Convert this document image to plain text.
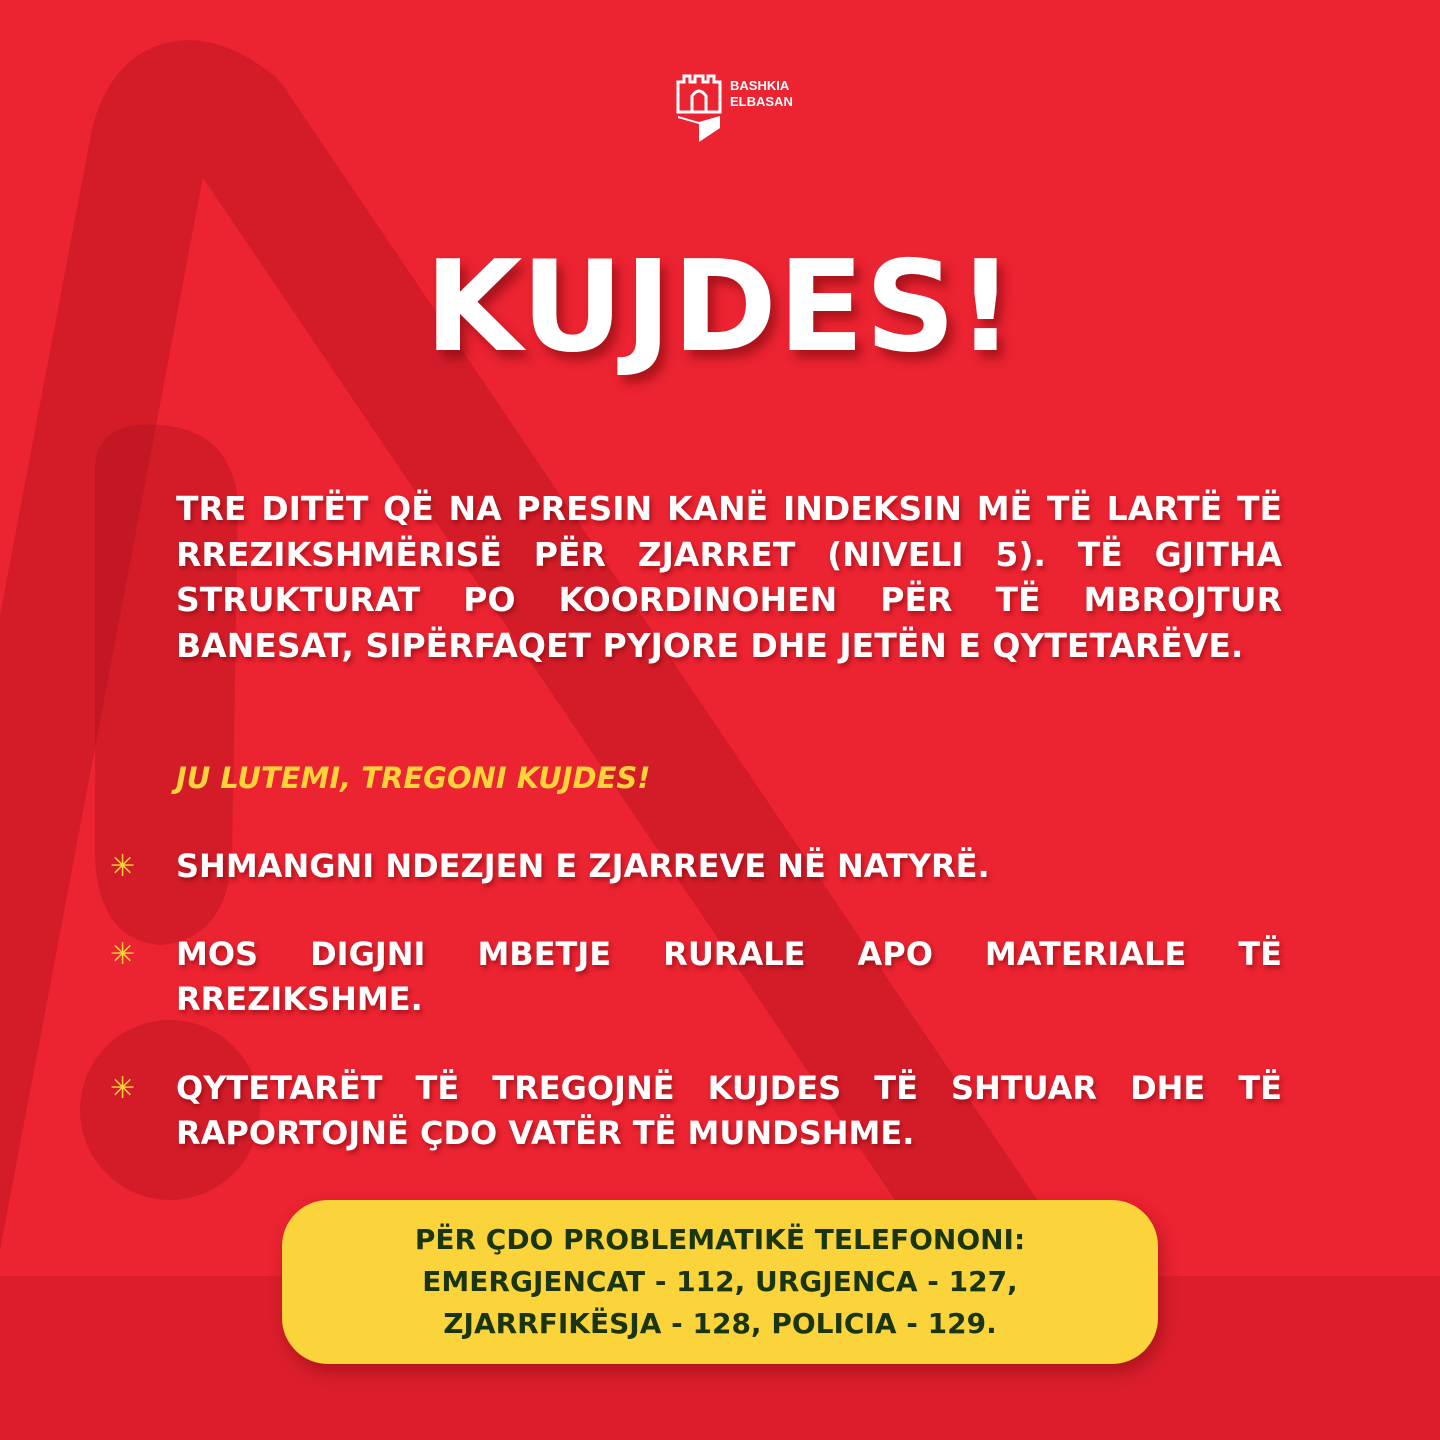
BASHKIA
ELBASAN
KUJDES!
TRE DITËT QË NA PRESIN KANË INDEKSIN MË TË LARTË TË RREZIKSHMËRISË PËR ZJARRET (NIVELI 5). TË GJITHA STRUKTURAT PO KOORDINOHEN PËR TË MBROJTUR BANESAT, SIPËRFAQET PYJORE DHE JETËN E QYTETARËVE.
JU LUTEMI, TREGONI KUJDES!
✳	SHMANGNI NDEZJEN E ZJARREVE NË NATYRË.
✳	MOS DIGJNI MBETJE RURALE APO MATERIALE TË RREZIKSHME.
✳	QYTETARËT TË TREGOJNË KUJDES TË SHTUAR DHE TË RAPORTOJNË ÇDO VATËR TË MUNDSHME.
PËR ÇDO PROBLEMATIKË TELEFONONI:
EMERGJENCAT - 112, URGJENCA - 127,
ZJARRFIKËSJA - 128, POLICIA - 129.
